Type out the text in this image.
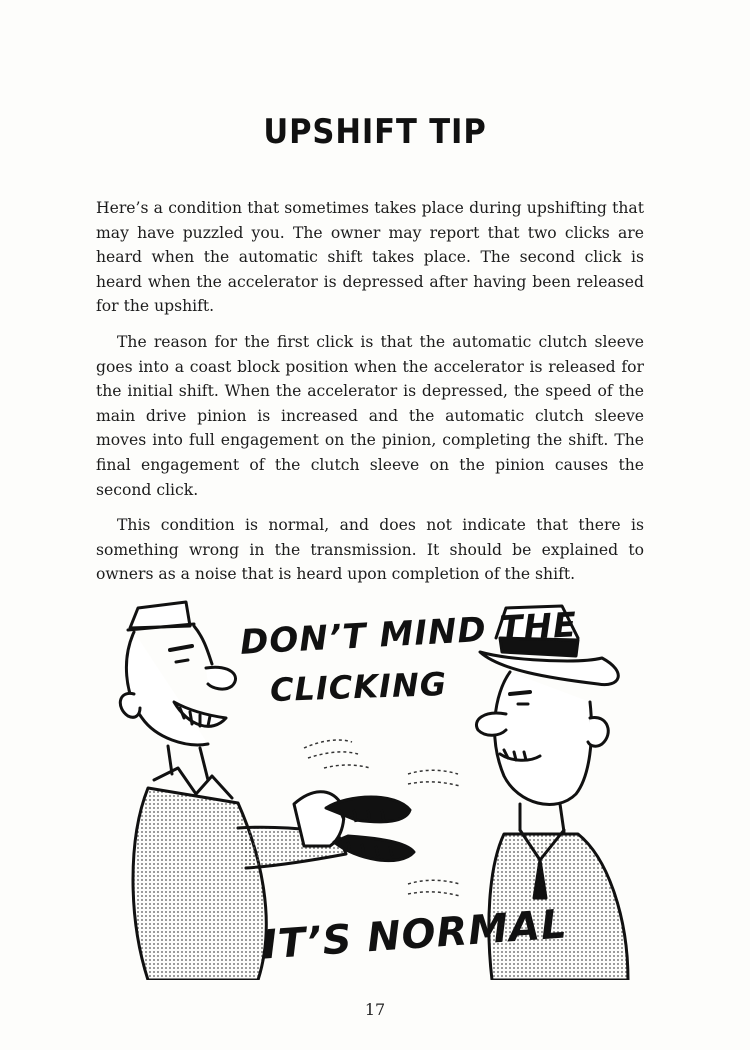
UPSHIFT TIP

Here’s a condition that sometimes takes place during upshifting that may have puzzled you. The owner may report that two clicks are heard when the automatic shift takes place. The second click is heard when the accelerator is depressed after having been released for the upshift.

The reason for the first click is that the automatic clutch sleeve goes into a coast block position when the accelerator is released for the initial shift. When the accelerator is depressed, the speed of the main drive pinion is increased and the automatic clutch sleeve moves into full engagement on the pinion, completing the shift. The final engagement of the clutch sleeve on the pinion causes the second click.

This condition is normal, and does not indicate that there is something wrong in the transmission. It should be explained to owners as a noise that is heard upon completion of the shift.

DON’T MIND THE
CLICKING
IT’S NORMAL
17
